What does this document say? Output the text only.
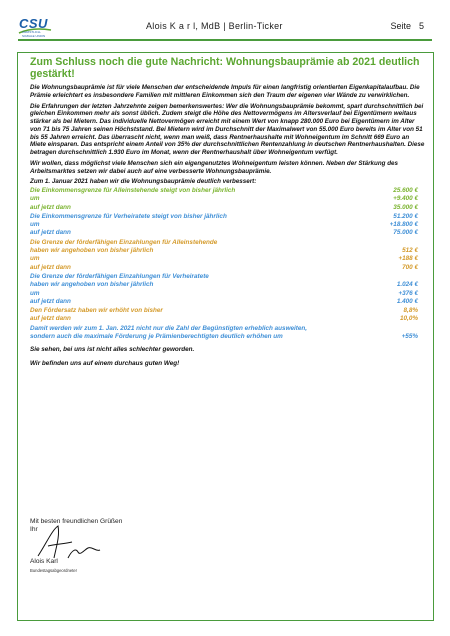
CSU
CHRISTLICH-SOZIALE UNION
Alois K a r l, MdB | Berlin-Ticker	Seite 5
Zum Schluss noch die gute Nachricht: Wohnungsbauprämie ab 2021 deutlich gestärkt!

Die Wohnungsbauprämie ist für viele Menschen der entscheidende Impuls für einen langfristig orientierten Eigenkapitalaufbau. Die Prämie erleichtert es insbesondere Familien mit mittleren Einkommen sich den Traum der eigenen vier Wände zu verwirklichen.

Die Erfahrungen der letzten Jahrzehnte zeigen bemerkenswertes: Wer die Wohnungsbauprämie bekommt, spart durchschnittlich bei gleichen Einkommen mehr als sonst üblich. Zudem steigt die Höhe des Nettovermögens im Altersverlauf bei Eigentümern weitaus stärker als bei Mietern. Das individuelle Nettovermögen erreicht mit einem Wert von knapp 280.000 Euro bei Eigentümern im Alter von 71 bis 75 Jahren seinen Höchststand. Bei Mietern wird im Durchschnitt der Maximalwert von 55.000 Euro bereits im Alter von 51 bis 55 Jahren erreicht. Das überrascht nicht, wenn man weiß, dass Rentnerhaushalte mit Wohneigentum im Schnitt 669 Euro an Miete einsparen. Das entspricht einem Anteil von 35% der durchschnittlichen Rentenzahlung in deutschen Rentnerhaushalten. Diese betragen durchschnittlich 1.930 Euro im Monat, wenn der Rentnerhaushalt über Wohneigentum verfügt.

Wir wollen, dass möglichst viele Menschen sich ein eigengenutztes Wohneigentum leisten können. Neben der Stärkung des Arbeitsmarktes setzen wir dabei auch auf eine verbesserte Wohnungsbauprämie.

Zum 1. Januar 2021 haben wir die Wohnungsbauprämie deutlich verbessert:

Die Einkommensgrenze für Alleinstehende steigt von bisher jährlich	25.600 €
um	+9.400 €
auf jetzt dann	35.000 €
Die Einkommensgrenze für Verheiratete steigt von bisher jährlich	51.200 €
um	+18.800 €
auf jetzt dann	75.000 €
Die Grenze der förderfähigen Einzahlungen für Alleinstehende
haben wir angehoben von bisher jährlich	512 €
um	+188 €
auf jetzt dann	700 €
Die Grenze der förderfähigen Einzahlungen für Verheiratete
haben wir angehoben von bisher jährlich	1.024 €
um	+376 €
auf jetzt dann	1.400 €
Den Fördersatz haben wir erhöht von bisher	8,8%
auf jetzt dann	10,0%
Damit werden wir zum 1. Jan. 2021 nicht nur die Zahl der Begünstigten erheblich ausweiten,
sondern auch die maximale Förderung je Prämienberechtigten deutlich erhöhen um	+55%

Sie sehen, bei uns ist nicht alles schlechter geworden.

Wir befinden uns auf einem durchaus guten Weg!

Mit besten freundlichen Grüßen
Ihr
Alois Karl
Bundestagsabgeordneter
